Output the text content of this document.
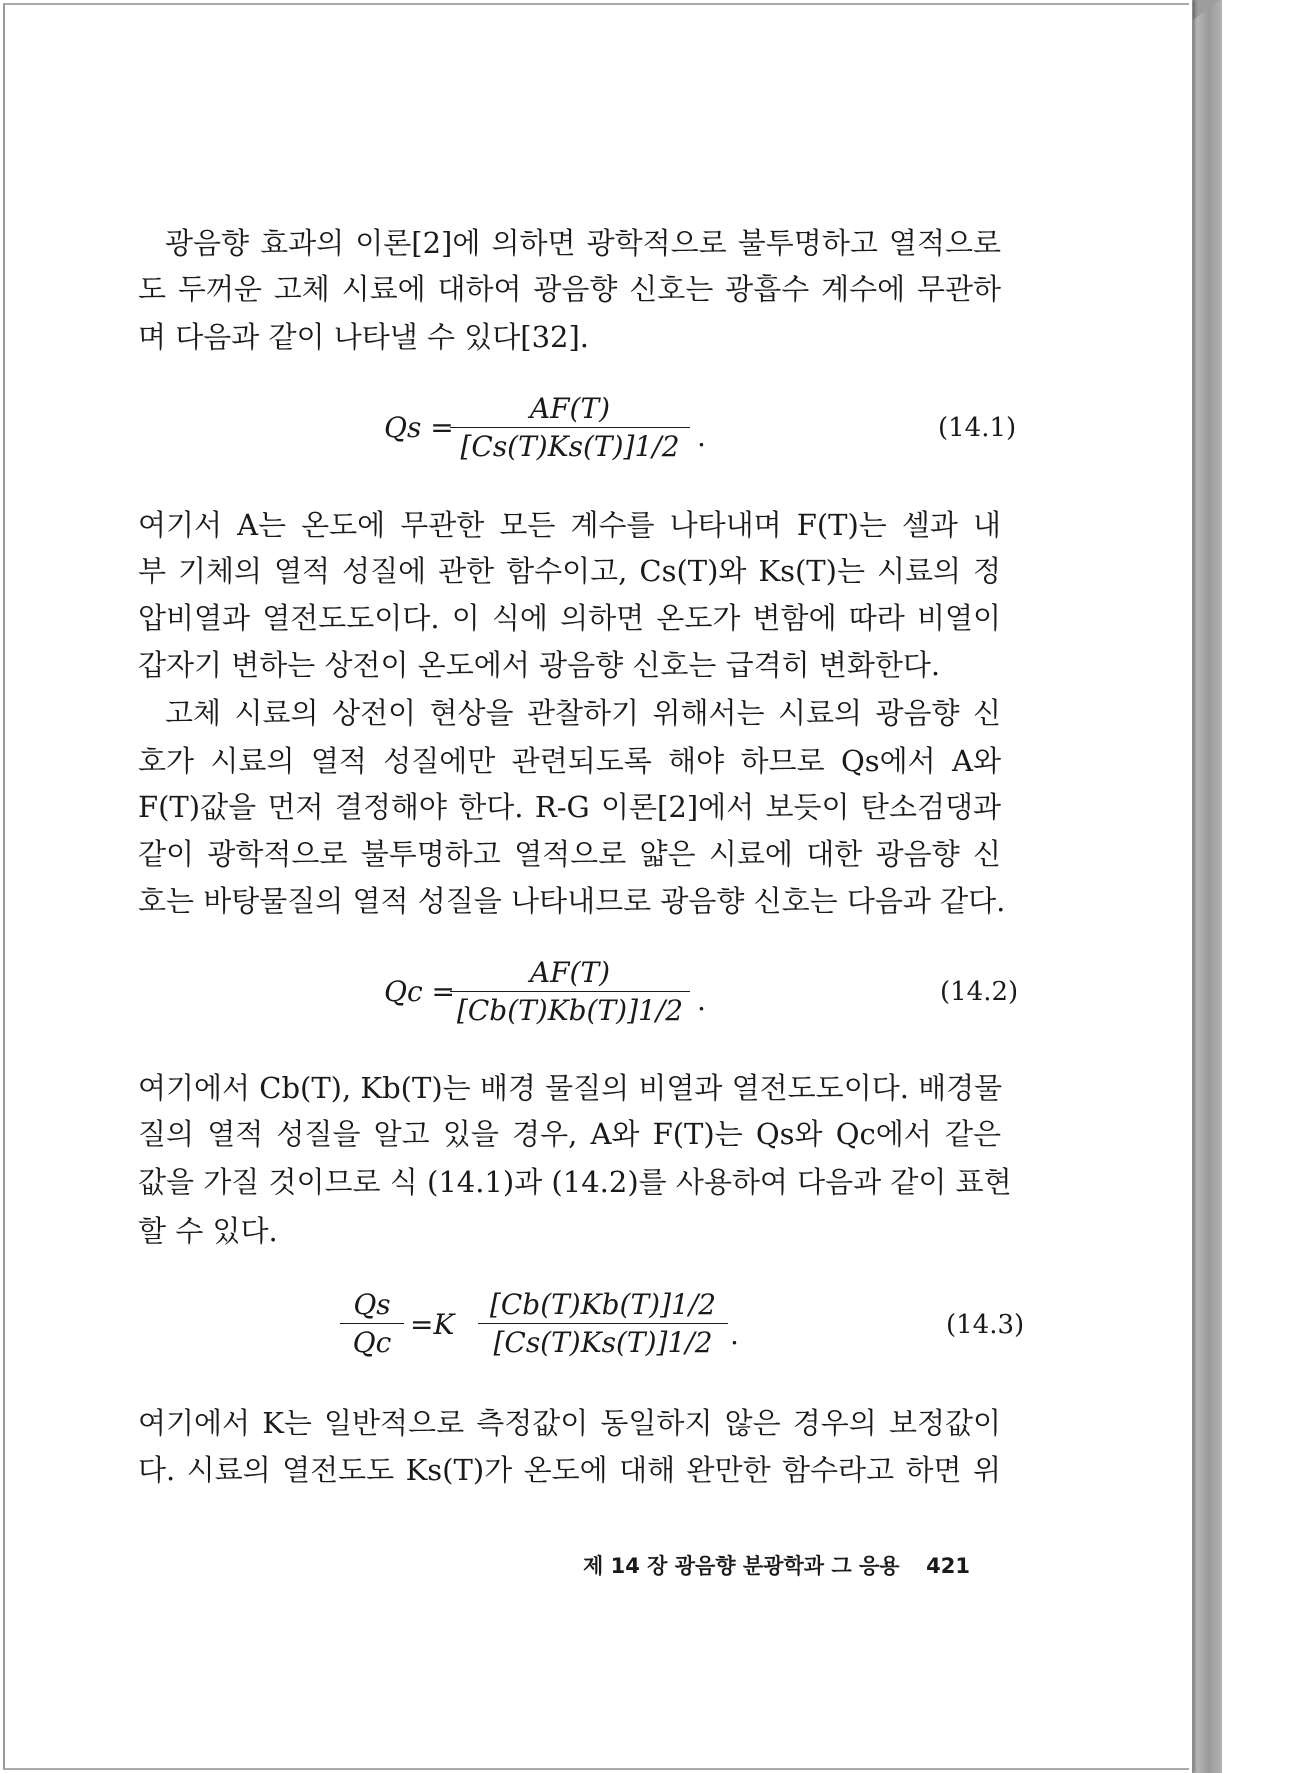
광음향 효과의 이론[2]에 의하면 광학적으로 불투명하고 열적으로
도 두꺼운 고체 시료에 대하여 광음향 신호는 광흡수 계수에 무관하
며 다음과 같이 나타낼 수 있다[32].
Qs =
$\frac{AF(T)}{[Cs(T)Ks(T)]1/2}$ .	(14.1)
여기서 A는 온도에 무관한 모든 계수를 나타내며 F(T)는 셀과 내
부 기체의 열적 성질에 관한 함수이고, Cs(T)와 Ks(T)는 시료의 정
압비열과 열전도도이다. 이 식에 의하면 온도가 변함에 따라 비열이
갑자기 변하는 상전이 온도에서 광음향 신호는 급격히 변화한다.
고체 시료의 상전이 현상을 관찰하기 위해서는 시료의 광음향 신
호가 시료의 열적 성질에만 관련되도록 해야 하므로 Qs에서 A와
F(T)값을 먼저 결정해야 한다. R-G 이론[2]에서 보듯이 탄소검댕과
같이 광학적으로 불투명하고 열적으로 얇은 시료에 대한 광음향 신
호는 바탕물질의 열적 성질을 나타내므로 광음향 신호는 다음과 같다.
Qc =
$\frac{AF(T)}{[Cb(T)Kb(T)]1/2}$ .	(14.2)
여기에서 Cb(T), Kb(T)는 배경 물질의 비열과 열전도도이다. 배경물
질의 열적 성질을 알고 있을 경우, A와 F(T)는 Qs와 Qc에서 같은
값을 가질 것이므로 식 (14.1)과 (14.2)를 사용하여 다음과 같이 표현
할 수 있다.
$\frac{Qs}{Qc} =K \frac{[Cb(T)Kb(T)]1/2}{[Cs(T)Ks(T)]1/2}$ .	(14.3)
여기에서 K는 일반적으로 측정값이 동일하지 않은 경우의 보정값이
다. 시료의 열전도도 Ks(T)가 온도에 대해 완만한 함수라고 하면 위
제 14 장 광음향 분광학과 그 응용 421
